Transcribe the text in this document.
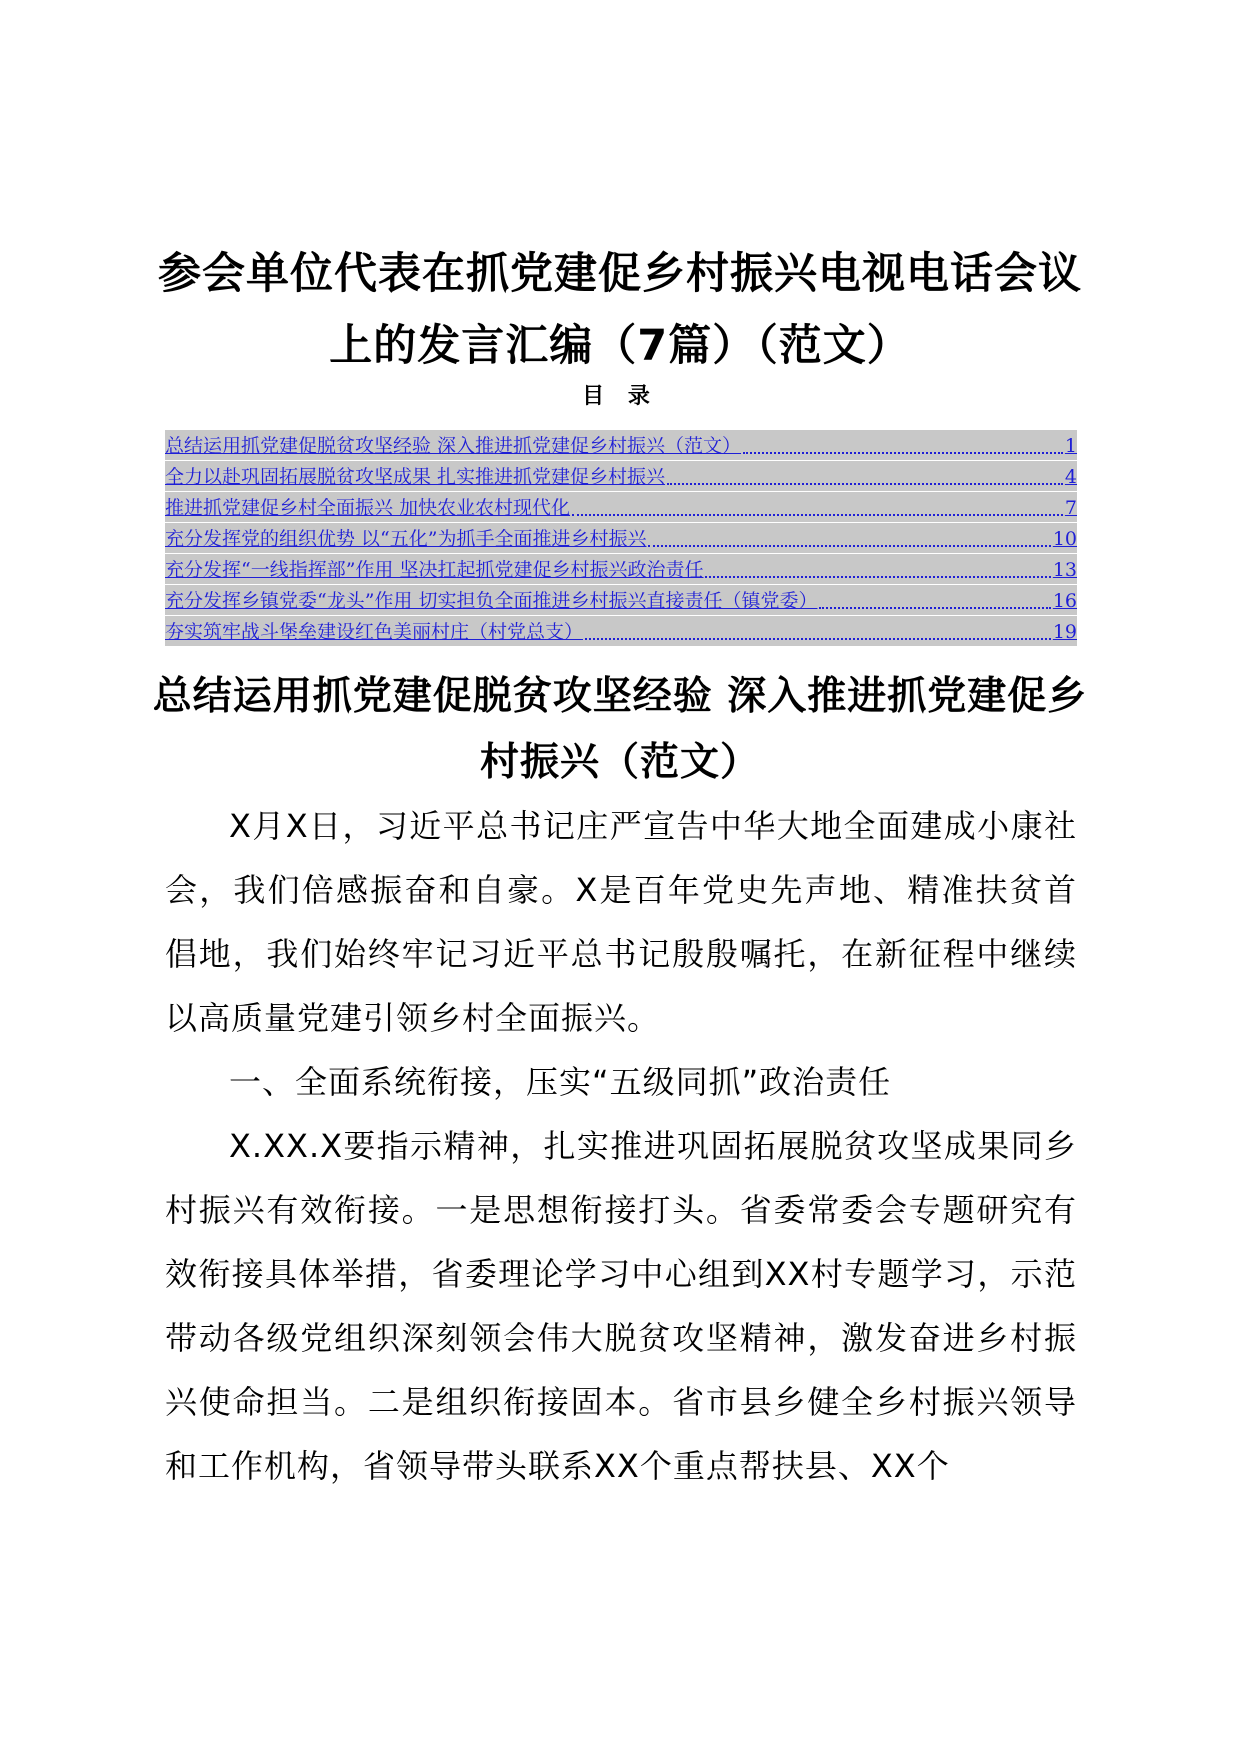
参会单位代表在抓党建促乡村振兴电视电话会议上的发言汇编（7篇）（范文）
目 录
总结运用抓党建促脱贫攻坚经验 深入推进抓党建促乡村振兴（范文）	1
全力以赴巩固拓展脱贫攻坚成果 扎实推进抓党建促乡村振兴	4
推进抓党建促乡村全面振兴 加快农业农村现代化	7
充分发挥党的组织优势 以“五化”为抓手全面推进乡村振兴	10
充分发挥“一线指挥部”作用 坚决扛起抓党建促乡村振兴政治责任	13
充分发挥乡镇党委“龙头”作用 切实担负全面推进乡村振兴直接责任（镇党委）	16
夯实筑牢战斗堡垒建设红色美丽村庄（村党总支）	19
总结运用抓党建促脱贫攻坚经验 深入推进抓党建促乡村振兴（范文）

X月X日，习近平总书记庄严宣告中华大地全面建成小康社会，我们倍感振奋和自豪。X是百年党史先声地、精准扶贫首倡地，我们始终牢记习近平总书记殷殷嘱托，在新征程中继续以高质量党建引领乡村全面振兴。

一、全面系统衔接，压实“五级同抓”政治责任

X.XX.X要指示精神，扎实推进巩固拓展脱贫攻坚成果同乡村振兴有效衔接。一是思想衔接打头。省委常委会专题研究有效衔接具体举措，省委理论学习中心组到XX村专题学习，示范带动各级党组织深刻领会伟大脱贫攻坚精神，激发奋进乡村振兴使命担当。二是组织衔接固本。省市县乡健全乡村振兴领导和工作机构，省领导带头联系XX个重点帮扶县、XX个
